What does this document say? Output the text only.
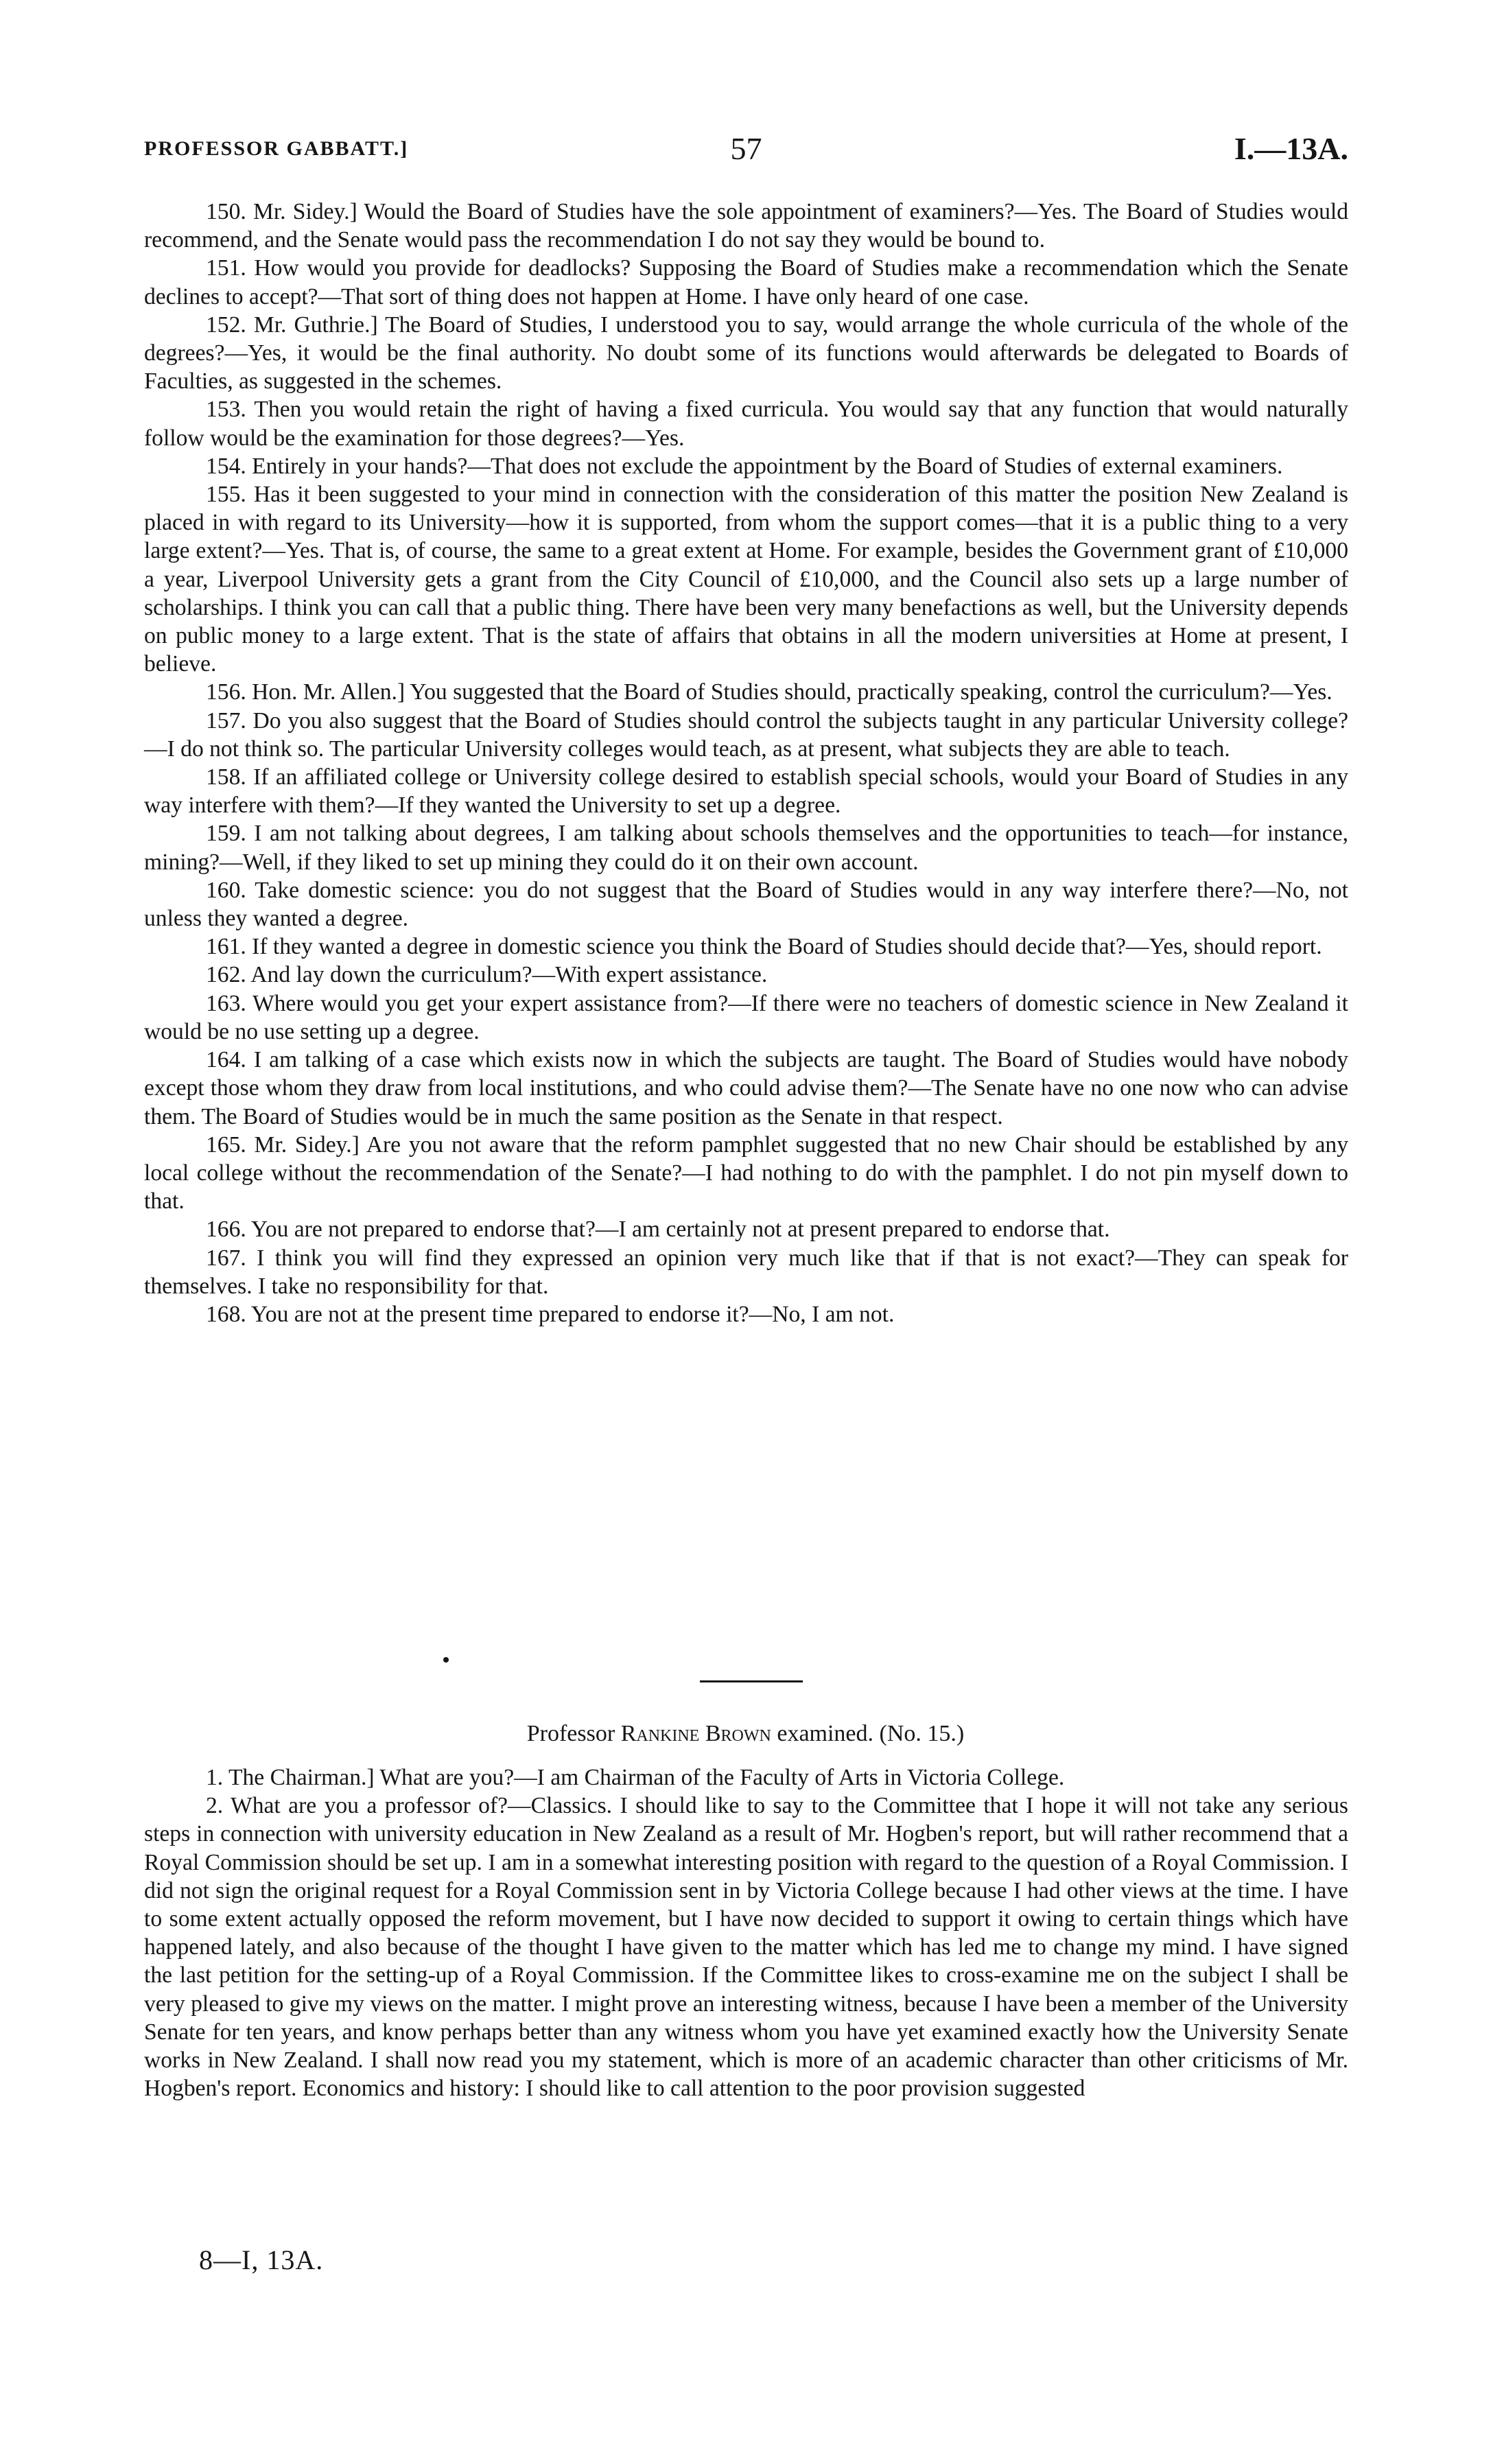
PROFESSOR GABBATT.]	57	I.—13A.

150. Mr. Sidey.] Would the Board of Studies have the sole appointment of examiners?—Yes. The Board of Studies would recommend, and the Senate would pass the recommendation I do not say they would be bound to.

151. How would you provide for deadlocks? Supposing the Board of Studies make a recommendation which the Senate declines to accept?—That sort of thing does not happen at Home. I have only heard of one case.

152. Mr. Guthrie.] The Board of Studies, I understood you to say, would arrange the whole curricula of the whole of the degrees?—Yes, it would be the final authority. No doubt some of its functions would afterwards be delegated to Boards of Faculties, as suggested in the schemes.

153. Then you would retain the right of having a fixed curricula. You would say that any function that would naturally follow would be the examination for those degrees?—Yes.

154. Entirely in your hands?—That does not exclude the appointment by the Board of Studies of external examiners.

155. Has it been suggested to your mind in connection with the consideration of this matter the position New Zealand is placed in with regard to its University—how it is supported, from whom the support comes—that it is a public thing to a very large extent?—Yes. That is, of course, the same to a great extent at Home. For example, besides the Government grant of £10,000 a year, Liverpool University gets a grant from the City Council of £10,000, and the Council also sets up a large number of scholarships. I think you can call that a public thing. There have been very many benefactions as well, but the University depends on public money to a large extent. That is the state of affairs that obtains in all the modern universities at Home at present, I believe.

156. Hon. Mr. Allen.] You suggested that the Board of Studies should, practically speaking, control the curriculum?—Yes.

157. Do you also suggest that the Board of Studies should control the subjects taught in any particular University college?—I do not think so. The particular University colleges would teach, as at present, what subjects they are able to teach.

158. If an affiliated college or University college desired to establish special schools, would your Board of Studies in any way interfere with them?—If they wanted the University to set up a degree.

159. I am not talking about degrees, I am talking about schools themselves and the opportunities to teach—for instance, mining?—Well, if they liked to set up mining they could do it on their own account.

160. Take domestic science: you do not suggest that the Board of Studies would in any way interfere there?—No, not unless they wanted a degree.

161. If they wanted a degree in domestic science you think the Board of Studies should decide that?—Yes, should report.

162. And lay down the curriculum?—With expert assistance.

163. Where would you get your expert assistance from?—If there were no teachers of domestic science in New Zealand it would be no use setting up a degree.

164. I am talking of a case which exists now in which the subjects are taught. The Board of Studies would have nobody except those whom they draw from local institutions, and who could advise them?—The Senate have no one now who can advise them. The Board of Studies would be in much the same position as the Senate in that respect.

165. Mr. Sidey.] Are you not aware that the reform pamphlet suggested that no new Chair should be established by any local college without the recommendation of the Senate?—I had nothing to do with the pamphlet. I do not pin myself down to that.

166. You are not prepared to endorse that?—I am certainly not at present prepared to endorse that.

167. I think you will find they expressed an opinion very much like that if that is not exact?—They can speak for themselves. I take no responsibility for that.

168. You are not at the present time prepared to endorse it?—No, I am not.

Professor Rankine Brown examined. (No. 15.)

1. The Chairman.] What are you?—I am Chairman of the Faculty of Arts in Victoria College.

2. What are you a professor of?—Classics. I should like to say to the Committee that I hope it will not take any serious steps in connection with university education in New Zealand as a result of Mr. Hogben's report, but will rather recommend that a Royal Commission should be set up. I am in a somewhat interesting position with regard to the question of a Royal Commission. I did not sign the original request for a Royal Commission sent in by Victoria College because I had other views at the time. I have to some extent actually opposed the reform movement, but I have now decided to support it owing to certain things which have happened lately, and also because of the thought I have given to the matter which has led me to change my mind. I have signed the last petition for the setting-up of a Royal Commission. If the Committee likes to cross-examine me on the subject I shall be very pleased to give my views on the matter. I might prove an interesting witness, because I have been a member of the University Senate for ten years, and know perhaps better than any witness whom you have yet examined exactly how the University Senate works in New Zealand. I shall now read you my statement, which is more of an academic character than other criticisms of Mr. Hogben's report. Economics and history: I should like to call attention to the poor provision suggested

8—I, 13A.
